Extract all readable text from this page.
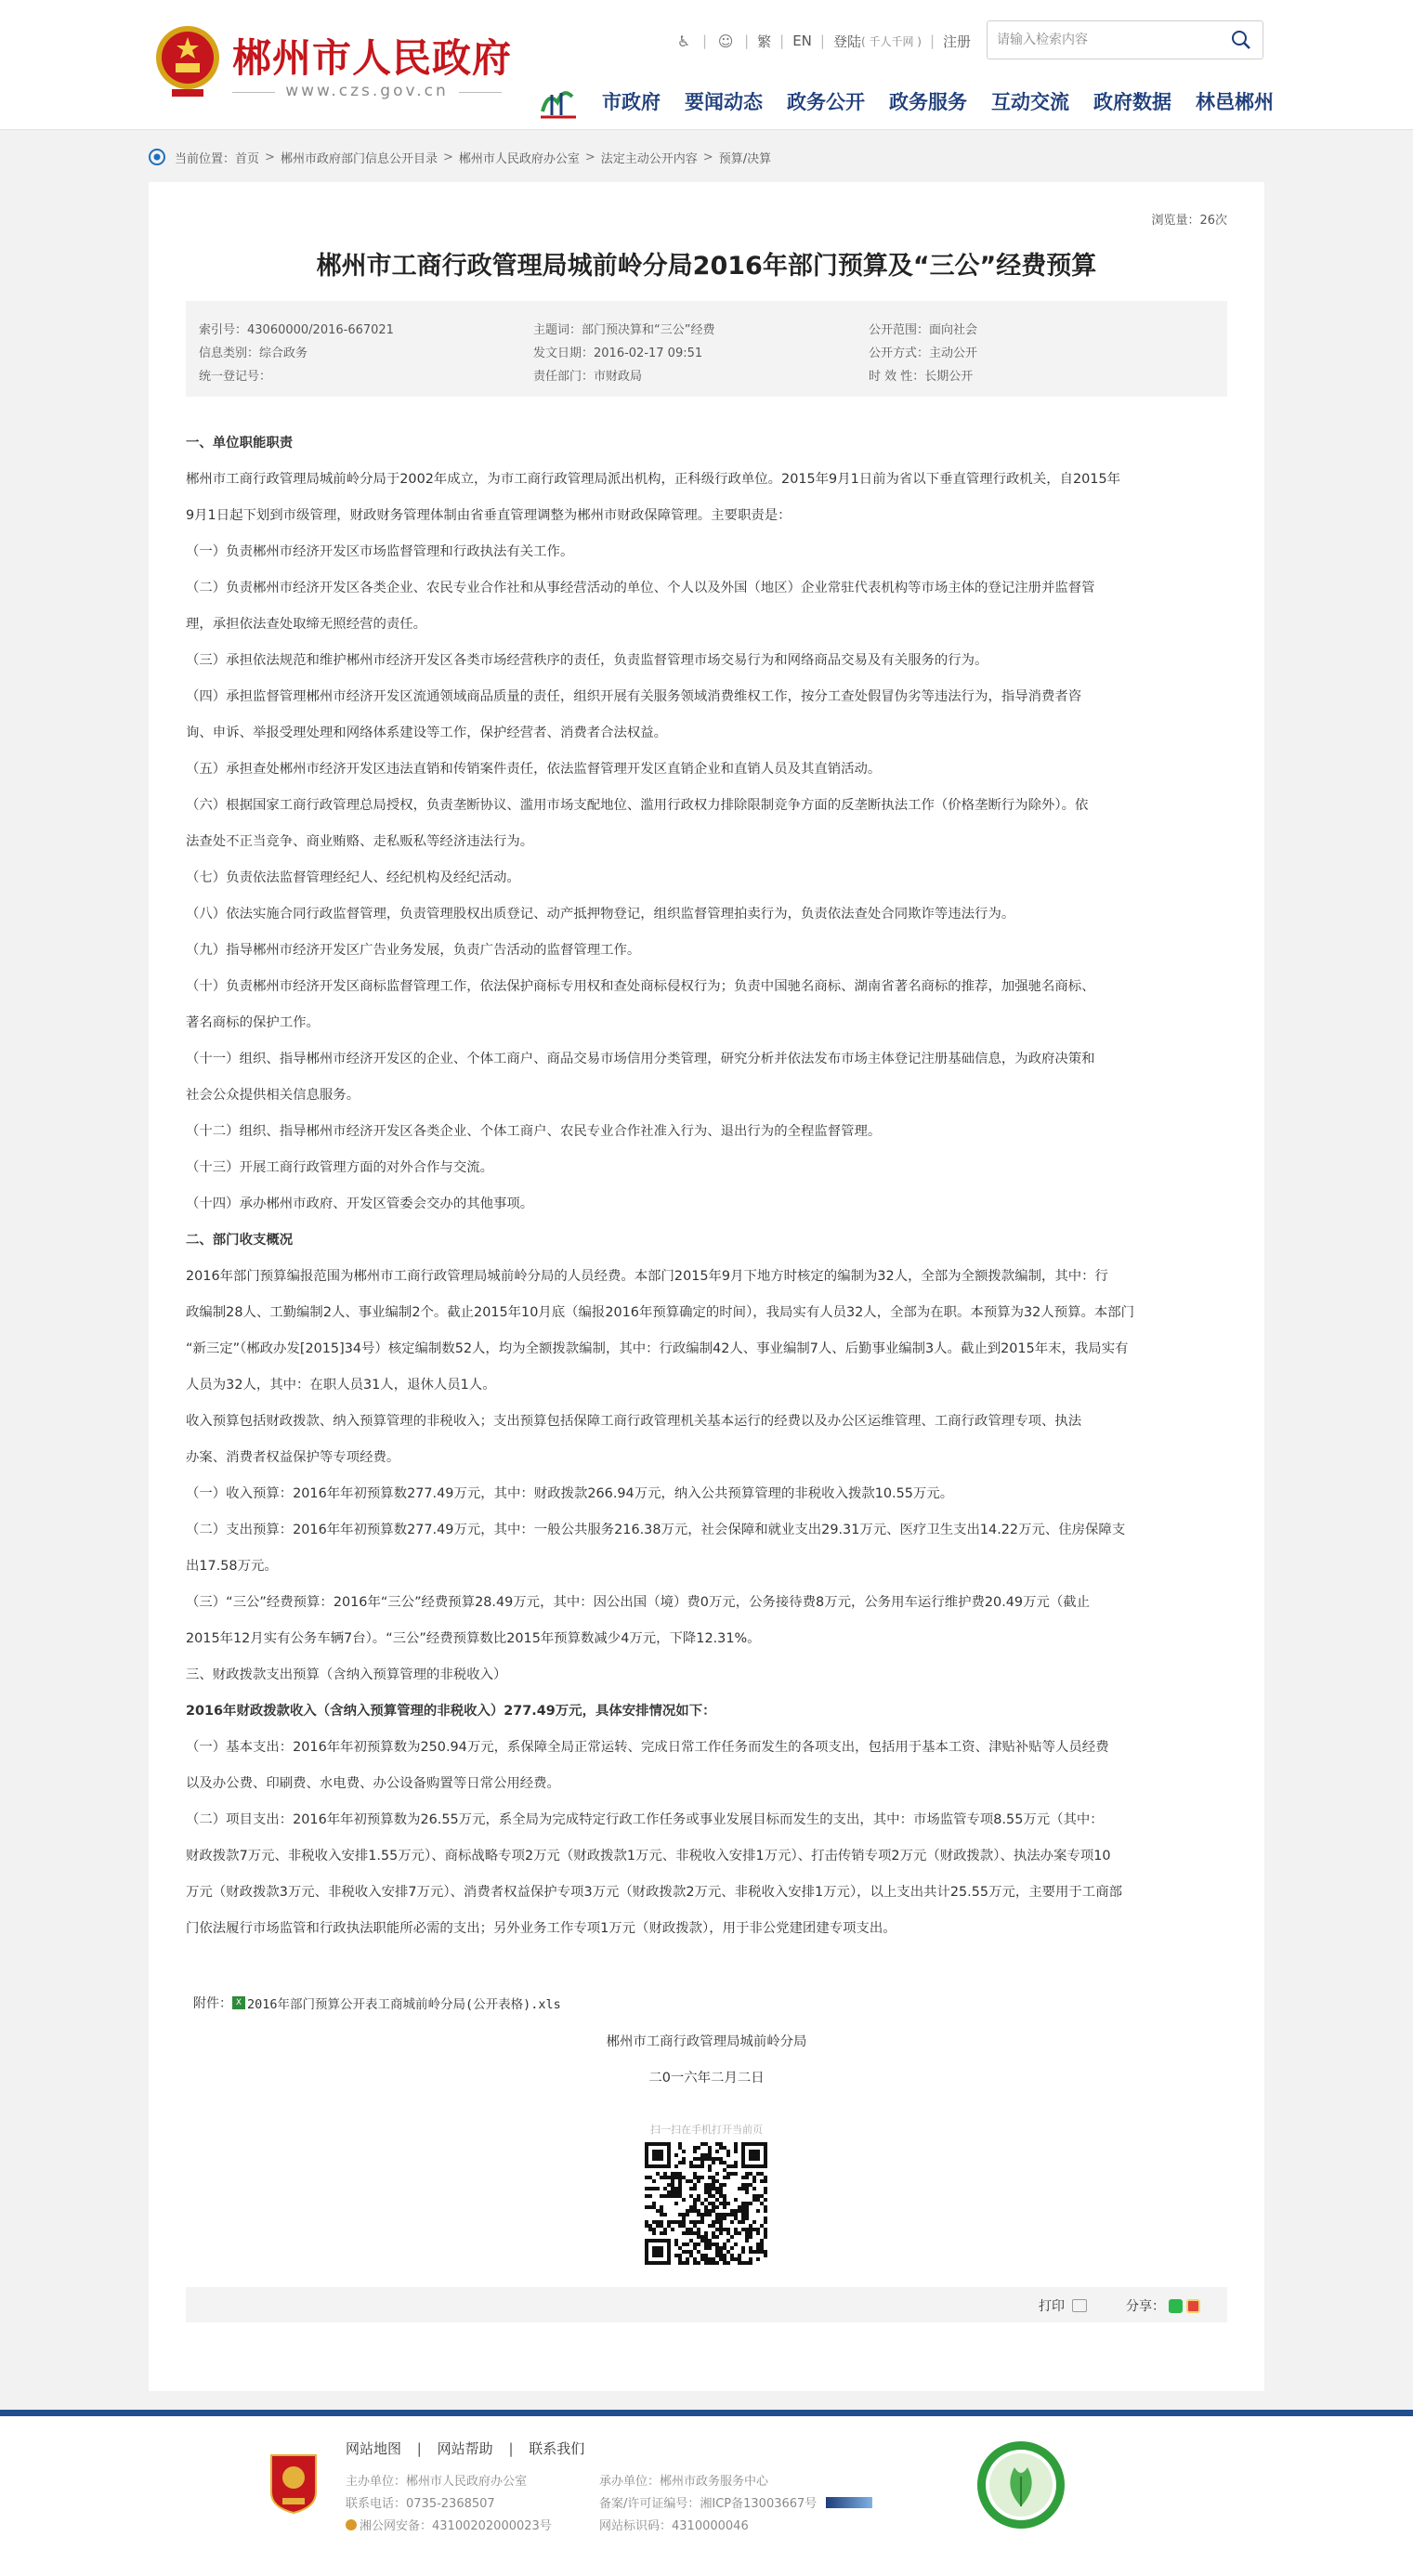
郴州市人民政府
www.czs.gov.cn
♿ | ☺ | 繁 | EN | 登陆 ( 千人千网 ) | 注册
请输入检索内容
市政府 要闻动态 政务公开 政务服务 互动交流 政府数据 林邑郴州
当前位置： 首页 > 郴州市政府部门信息公开目录 > 郴州市人民政府办公室 > 法定主动公开内容 > 预算/决算
浏览量：26次
郴州市工商行政管理局城前岭分局2016年部门预算及“三公”经费预算
索引号：43060000/2016-667021
信息类别：综合政务
统一登记号：
主题词：部门预决算和“三公”经费
发文日期：2016-02-17 09:51
责任部门：市财政局
公开范围：面向社会
公开方式：主动公开
时 效 性：长期公开
一、单位职能职责
郴州市工商行政管理局城前岭分局于2002年成立，为市工商行政管理局派出机构，正科级行政单位。2015年9月1日前为省以下垂直管理行政机关，自2015年
9月1日起下划到市级管理，财政财务管理体制由省垂直管理调整为郴州市财政保障管理。主要职责是：
（一）负责郴州市经济开发区市场监督管理和行政执法有关工作。
（二）负责郴州市经济开发区各类企业、农民专业合作社和从事经营活动的单位、个人以及外国（地区）企业常驻代表机构等市场主体的登记注册并监督管
理，承担依法查处取缔无照经营的责任。
（三）承担依法规范和维护郴州市经济开发区各类市场经营秩序的责任，负责监督管理市场交易行为和网络商品交易及有关服务的行为。
（四）承担监督管理郴州市经济开发区流通领域商品质量的责任，组织开展有关服务领域消费维权工作，按分工查处假冒伪劣等违法行为，指导消费者咨
询、申诉、举报受理处理和网络体系建设等工作，保护经营者、消费者合法权益。
（五）承担查处郴州市经济开发区违法直销和传销案件责任，依法监督管理开发区直销企业和直销人员及其直销活动。
（六）根据国家工商行政管理总局授权，负责垄断协议、滥用市场支配地位、滥用行政权力排除限制竞争方面的反垄断执法工作（价格垄断行为除外）。依
法查处不正当竞争、商业贿赂、走私贩私等经济违法行为。
（七）负责依法监督管理经纪人、经纪机构及经纪活动。
（八）依法实施合同行政监督管理，负责管理股权出质登记、动产抵押物登记，组织监督管理拍卖行为，负责依法查处合同欺诈等违法行为。
（九）指导郴州市经济开发区广告业务发展，负责广告活动的监督管理工作。
（十）负责郴州市经济开发区商标监督管理工作，依法保护商标专用权和查处商标侵权行为；负责中国驰名商标、湖南省著名商标的推荐，加强驰名商标、
著名商标的保护工作。
（十一）组织、指导郴州市经济开发区的企业、个体工商户、商品交易市场信用分类管理，研究分析并依法发布市场主体登记注册基础信息，为政府决策和
社会公众提供相关信息服务。
（十二）组织、指导郴州市经济开发区各类企业、个体工商户、农民专业合作社准入行为、退出行为的全程监督管理。
（十三）开展工商行政管理方面的对外合作与交流。
（十四）承办郴州市政府、开发区管委会交办的其他事项。
二、部门收支概况
2016年部门预算编报范围为郴州市工商行政管理局城前岭分局的人员经费。本部门2015年9月下地方时核定的编制为32人，全部为全额拨款编制，其中：行
政编制28人、工勤编制2人、事业编制2个。截止2015年10月底（编报2016年预算确定的时间），我局实有人员32人，全部为在职。本预算为32人预算。本部门
“新三定”（郴政办发[2015]34号）核定编制数52人，均为全额拨款编制，其中：行政编制42人、事业编制7人、后勤事业编制3人。截止到2015年末，我局实有
人员为32人，其中：在职人员31人，退休人员1人。
收入预算包括财政拨款、纳入预算管理的非税收入；支出预算包括保障工商行政管理机关基本运行的经费以及办公区运维管理、工商行政管理专项、执法
办案、消费者权益保护等专项经费。
（一）收入预算：2016年年初预算数277.49万元，其中：财政拨款266.94万元，纳入公共预算管理的非税收入拨款10.55万元。
（二）支出预算：2016年年初预算数277.49万元，其中：一般公共服务216.38万元，社会保障和就业支出29.31万元、医疗卫生支出14.22万元、住房保障支
出17.58万元。
（三）“三公”经费预算：2016年“三公”经费预算28.49万元，其中：因公出国（境）费0万元，公务接待费8万元，公务用车运行维护费20.49万元（截止
2015年12月实有公务车辆7台）。“三公”经费预算数比2015年预算数减少4万元，下降12.31%。
三、财政拨款支出预算（含纳入预算管理的非税收入）
2016年财政拨款收入（含纳入预算管理的非税收入）277.49万元，具体安排情况如下：
（一）基本支出：2016年年初预算数为250.94万元，系保障全局正常运转、完成日常工作任务而发生的各项支出，包括用于基本工资、津贴补贴等人员经费
以及办公费、印刷费、水电费、办公设备购置等日常公用经费。
（二）项目支出：2016年年初预算数为26.55万元，系全局为完成特定行政工作任务或事业发展目标而发生的支出，其中：市场监管专项8.55万元（其中：
财政拨款7万元、非税收入安排1.55万元）、商标战略专项2万元（财政拨款1万元、非税收入安排1万元）、打击传销专项2万元（财政拨款）、执法办案专项10
万元（财政拨款3万元、非税收入安排7万元）、消费者权益保护专项3万元（财政拨款2万元、非税收入安排1万元），以上支出共计25.55万元，主要用于工商部
门依法履行市场监管和行政执法职能所必需的支出；另外业务工作专项1万元（财政拨款），用于非公党建团建专项支出。
附件： X 2016年部门预算公开表工商城前岭分局(公开表格).xls
郴州市工商行政管理局城前岭分局
二0一六年二月二日
扫一扫在手机打开当前页
打印	分享：
网站地图 | 网站帮助 | 联系我们
主办单位：郴州市人民政府办公室
联系电话：0735-2368507
湘公网安备：43100202000023号
承办单位：郴州市政务服务中心
备案/许可证编号：湘ICP备13003667号
网站标识码：4310000046
